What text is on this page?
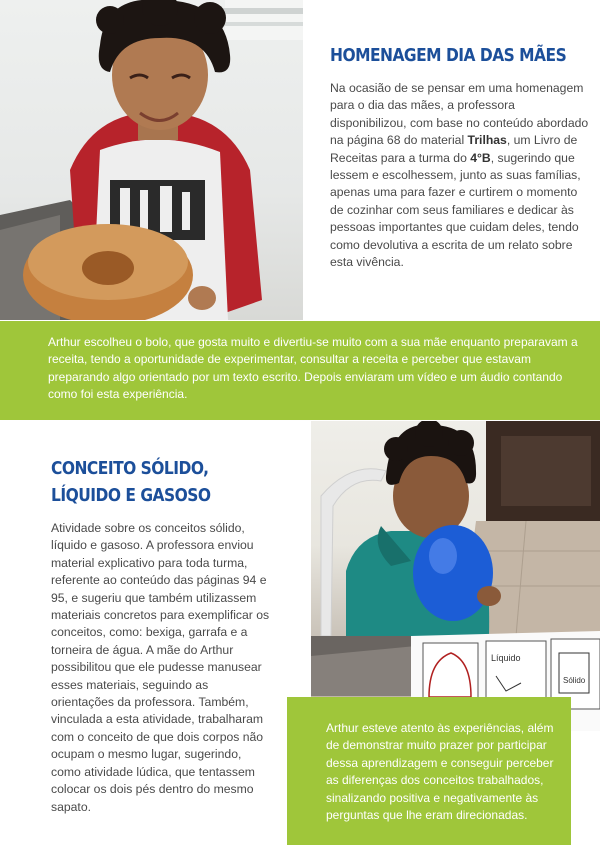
HOMENAGEM DIA DAS MÃES
Na ocasião de se pensar em uma homenagem para o dia das mães, a professora disponibilizou, com base no conteúdo abordado na página 68 do material Trilhas, um Livro de Receitas para a turma do 4°B, sugerindo que lessem e escolhessem, junto as suas famílias, apenas uma para fazer e curtirem o momento de cozinhar com seus familiares e dedicar às pessoas importantes que cuidam deles, tendo como devolutiva a escrita de um relato sobre esta vivência.
Arthur escolheu o bolo, que gosta muito e divertiu-se muito com a sua mãe enquanto preparavam a receita, tendo a oportunidade de experimentar, consultar a receita e perceber que estavam preparando algo orientado por um texto escrito. Depois enviaram um vídeo e um áudio contando como foi esta experiência.
CONCEITO SÓLIDO,
LÍQUIDO E GASOSO
Atividade sobre os conceitos sólido, líquido e gasoso. A professora enviou material explicativo para toda turma, referente ao conteúdo das páginas 94 e 95, e sugeriu que também utilizassem materiais concretos para exemplificar os conceitos, como: bexiga, garrafa e a torneira de água. A mãe do Arthur possibilitou que ele pudesse manusear esses materiais, seguindo as orientações da professora. Também, vinculada a esta atividade, trabalharam com o conceito de que dois corpos não ocupam o mesmo lugar, sugerindo, como atividade lúdica, que tentassem colocar os dois pés dentro do mesmo sapato.
Líquido
Sólido
Arthur esteve atento às experiências, além de demonstrar muito prazer por participar dessa aprendizagem e conseguir perceber as diferenças dos conceitos trabalhados, sinalizando positiva e negativamente às perguntas que lhe eram direcionadas.
